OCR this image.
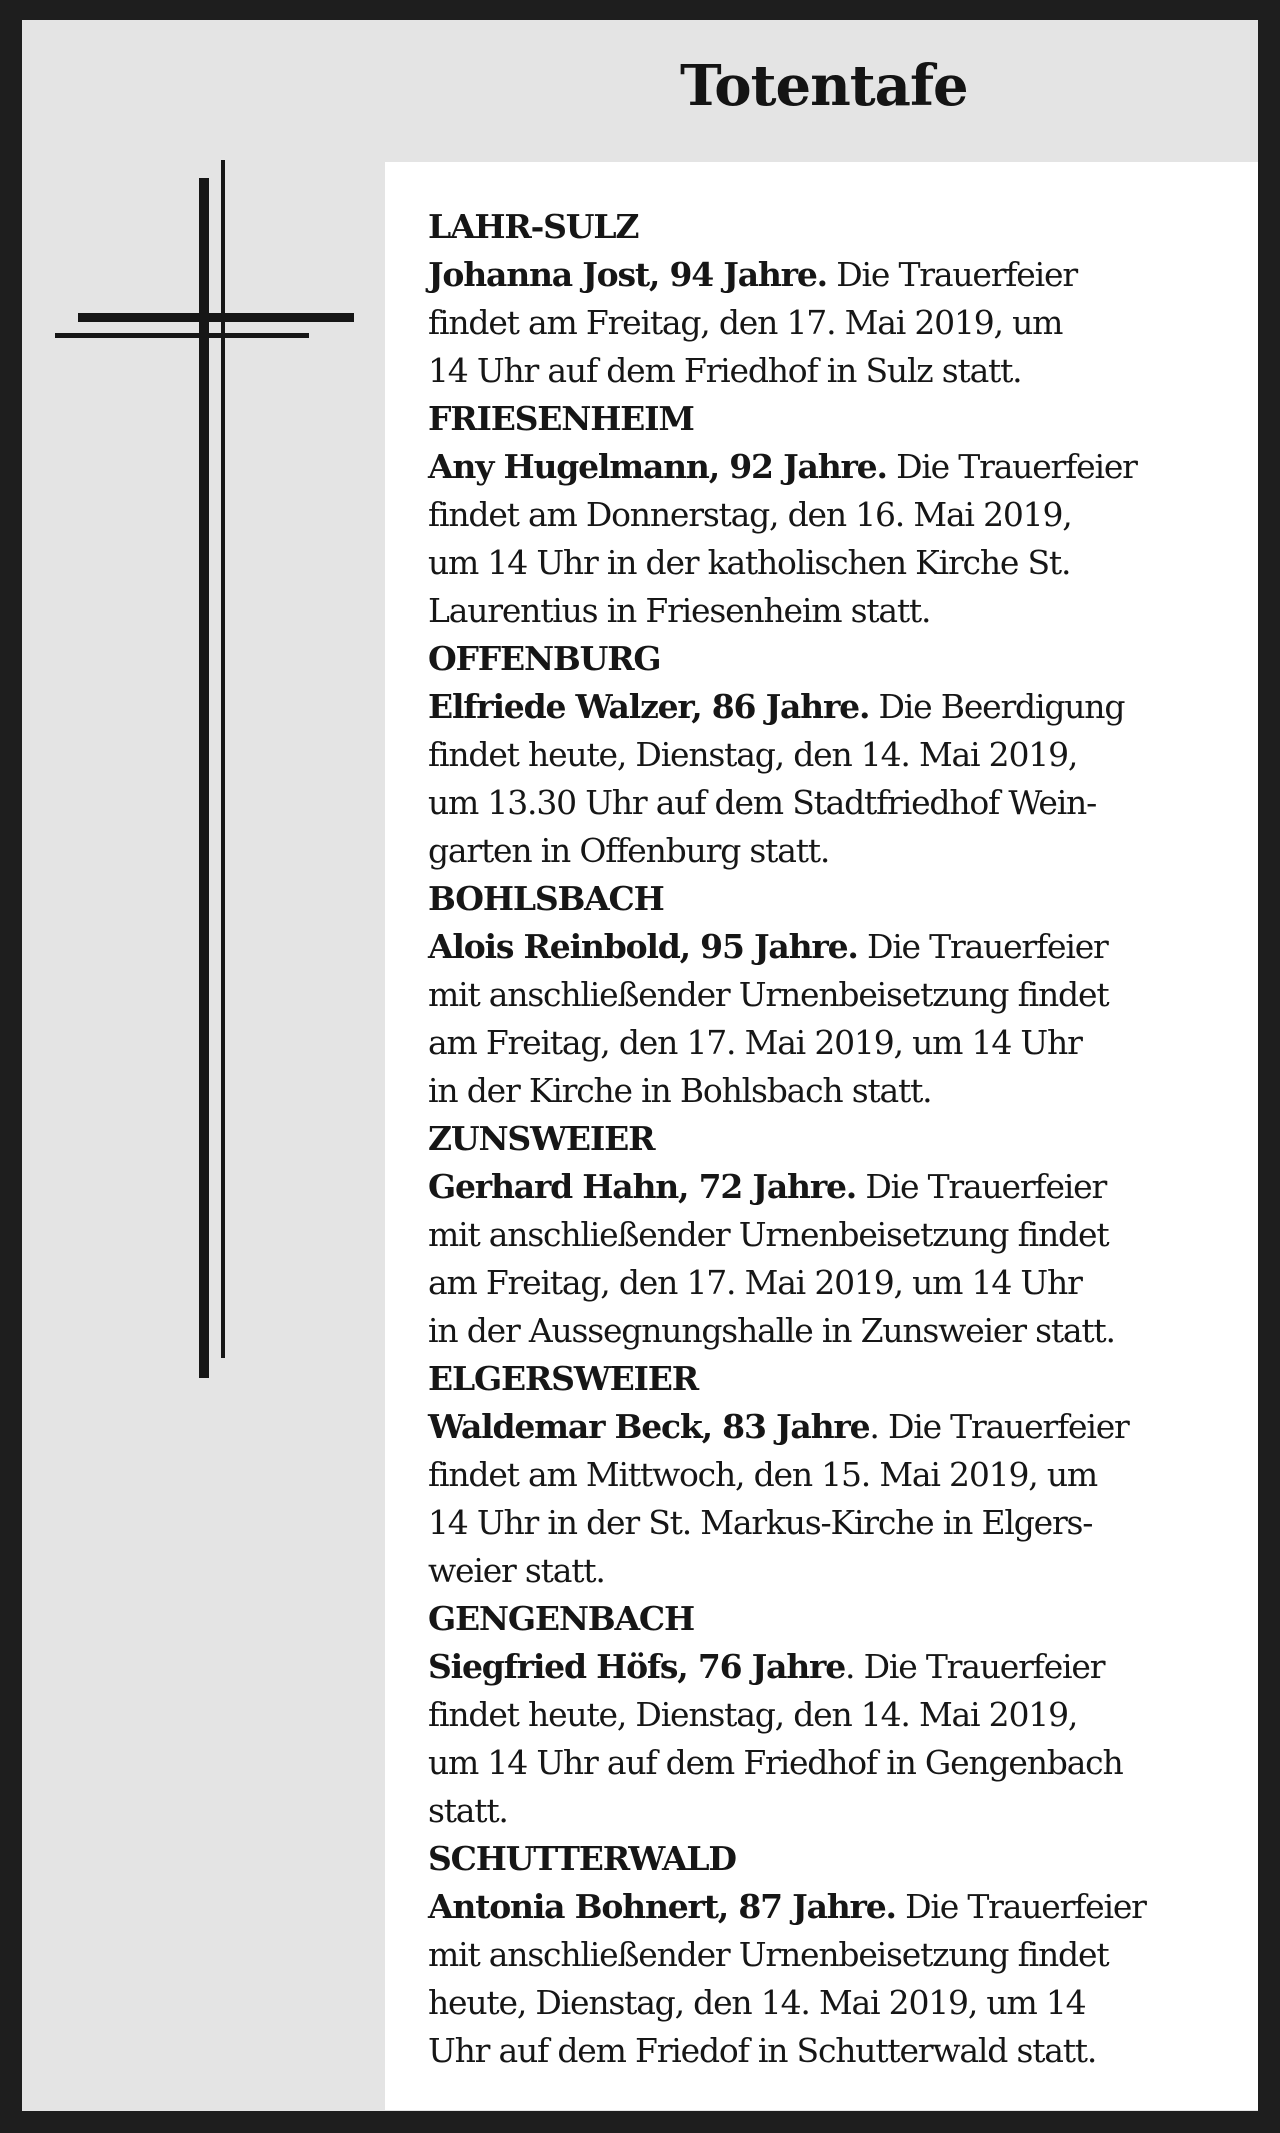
Totentafe
LAHR-SULZ
Johanna Jost, 94 Jahre. Die Trauerfeier
findet am Freitag, den 17. Mai 2019, um
14 Uhr auf dem Friedhof in Sulz statt.
FRIESENHEIM
Any Hugelmann, 92 Jahre. Die Trauerfeier
findet am Donnerstag, den 16. Mai 2019,
um 14 Uhr in der katholischen Kirche St.
Laurentius in Friesenheim statt.
OFFENBURG
Elfriede Walzer, 86 Jahre. Die Beerdigung
findet heute, Dienstag, den 14. Mai 2019,
um 13.30 Uhr auf dem Stadtfriedhof Wein-
garten in Offenburg statt.
BOHLSBACH
Alois Reinbold, 95 Jahre. Die Trauerfeier
mit anschließender Urnenbeisetzung findet
am Freitag, den 17. Mai 2019, um 14 Uhr
in der Kirche in Bohlsbach statt.
ZUNSWEIER
Gerhard Hahn, 72 Jahre. Die Trauerfeier
mit anschließender Urnenbeisetzung findet
am Freitag, den 17. Mai 2019, um 14 Uhr
in der Aussegnungshalle in Zunsweier statt.
ELGERSWEIER
Waldemar Beck, 83 Jahre. Die Trauerfeier
findet am Mittwoch, den 15. Mai 2019, um
14 Uhr in der St. Markus-Kirche in Elgers-
weier statt.
GENGENBACH
Siegfried Höfs, 76 Jahre. Die Trauerfeier
findet heute, Dienstag, den 14. Mai 2019,
um 14 Uhr auf dem Friedhof in Gengenbach
statt.
SCHUTTERWALD
Antonia Bohnert, 87 Jahre. Die Trauerfeier
mit anschließender Urnenbeisetzung findet
heute, Dienstag, den 14. Mai 2019, um 14
Uhr auf dem Friedof in Schutterwald statt.
